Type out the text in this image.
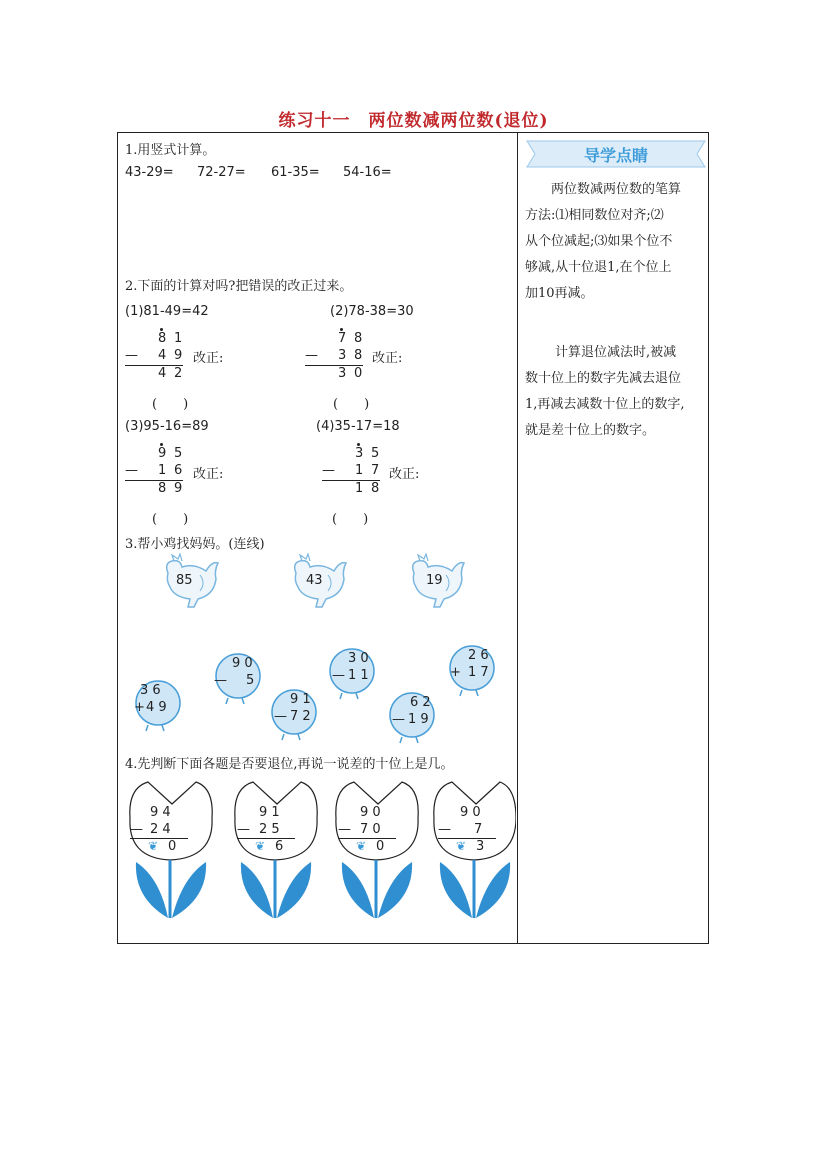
练习十一　两位数减两位数(退位)
1.用竖式计算。
43-29= 72-27= 61-35= 54-16=
2.下面的计算对吗?把错误的改正过来。
(1)81-49=42
8 1
— 4 9
4 2
改正:
(　　)
(2)78-38=30
7 8
— 3 8
3 0
改正:
(　　)
(3)95-16=89
9 5
— 1 6
8 9
改正:
(　　)
(4)35-17=18
3 5
— 1 7
1 8
改正:
(　　)
3.帮小鸡找妈妈。(连线)
85	43	19
3 6
+ 4 9
9 0
— 5
9 1
— 7 2
3 0
— 1 1
6 2
— 1 9
2 6
+ 1 7
4.先判断下面各题是否要退位,再说一说差的十位上是几。
9 4
— 2 4
❦ 0
9 1
— 2 5
❦ 6
9 0
— 7 0
❦ 0
9 0
— 7
❦ 3
导学点睛
两位数减两位数的笔算
方法:⑴相同数位对齐;⑵
从个位减起;⑶如果个位不
够减,从十位退1,在个位上
加10再减。
计算退位减法时,被减
数十位上的数字先减去退位
1,再减去减数十位上的数字,
就是差十位上的数字。
